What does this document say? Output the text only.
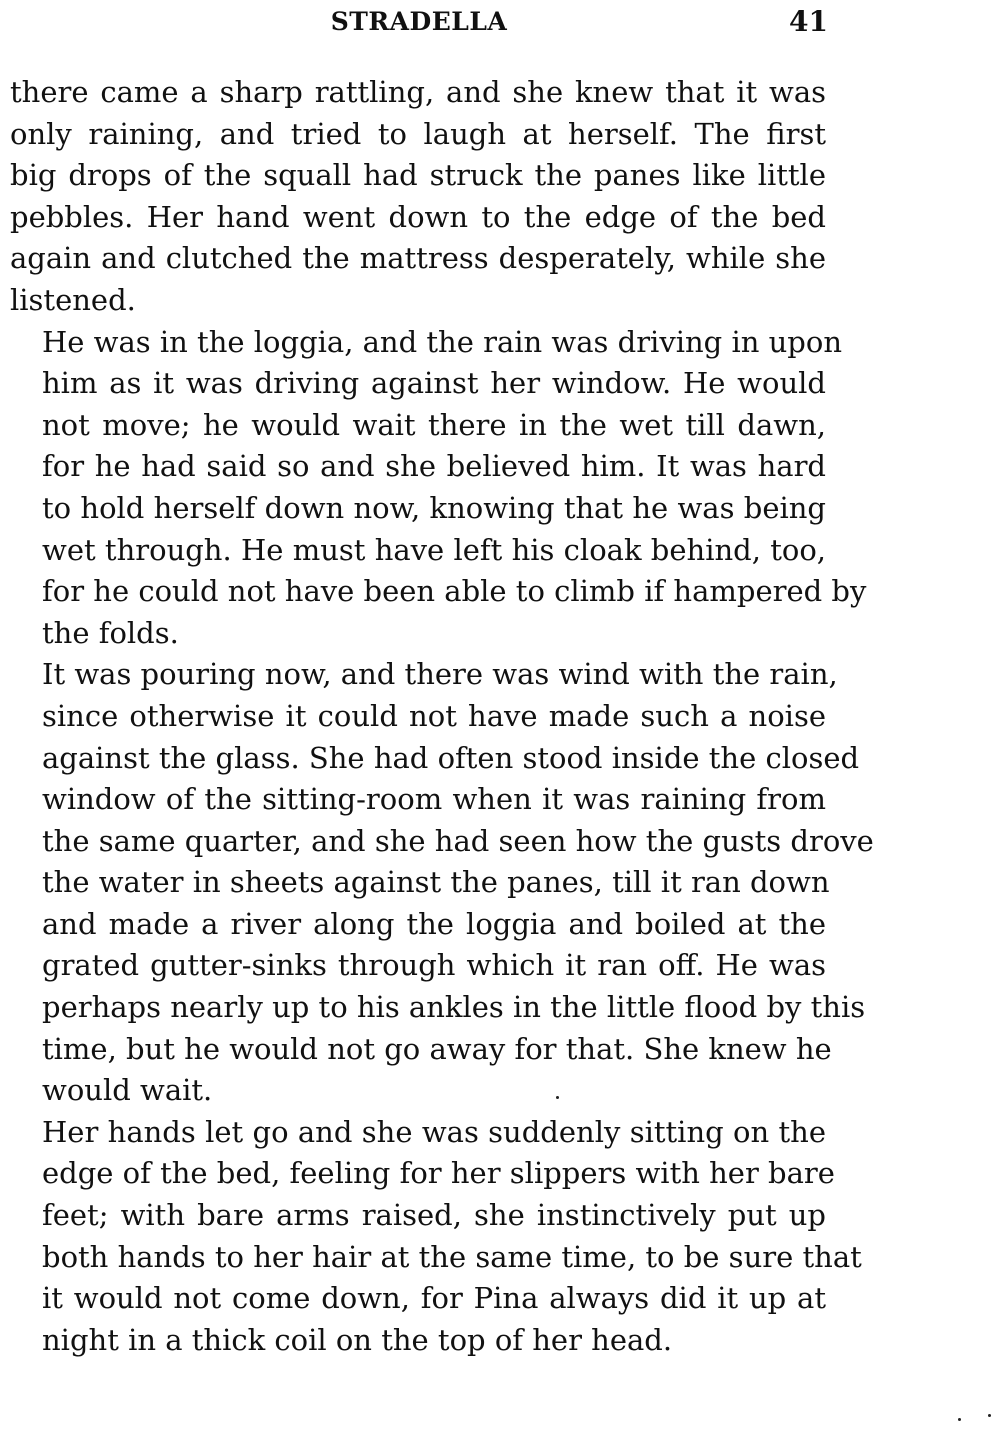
STRADELLA	41

there came a sharp rattling, and she knew that it was
only raining, and tried to laugh at herself. The first
big drops of the squall had struck the panes like little
pebbles. Her hand went down to the edge of the bed
again and clutched the mattress desperately, while she
listened.

He was in the loggia, and the rain was driving in upon
him as it was driving against her window. He would
not move; he would wait there in the wet till dawn,
for he had said so and she believed him. It was hard
to hold herself down now, knowing that he was being
wet through. He must have left his cloak behind, too,
for he could not have been able to climb if hampered by
the folds.

It was pouring now, and there was wind with the rain,
since otherwise it could not have made such a noise
against the glass. She had often stood inside the closed
window of the sitting-room when it was raining from
the same quarter, and she had seen how the gusts drove
the water in sheets against the panes, till it ran down
and made a river along the loggia and boiled at the
grated gutter-sinks through which it ran off. He was
perhaps nearly up to his ankles in the little flood by this
time, but he would not go away for that. She knew he
would wait.

Her hands let go and she was suddenly sitting on the
edge of the bed, feeling for her slippers with her bare
feet; with bare arms raised, she instinctively put up
both hands to her hair at the same time, to be sure that
it would not come down, for Pina always did it up at
night in a thick coil on the top of her head.
